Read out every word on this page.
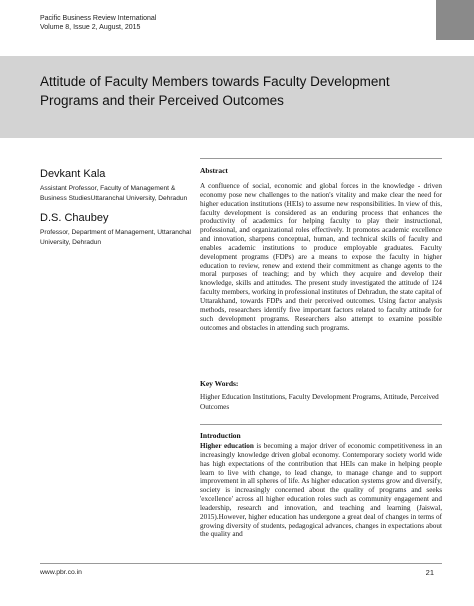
Pacific Business Review International
Volume 8, Issue 2, August, 2015
Attitude of Faculty Members towards Faculty Development Programs and their Perceived Outcomes
Devkant Kala
Assistant Professor, Faculty of Management & Business StudiesUttaranchal University, Dehradun
D.S. Chaubey
Professor, Department of Management, Uttaranchal University, Dehradun
Abstract
A confluence of social, economic and global forces in the knowledge - driven economy pose new challenges to the nation's vitality and make clear the need for higher education institutions (HEIs) to assume new responsibilities. In view of this, faculty development is considered as an enduring process that enhances the productivity of academics for helping faculty to play their instructional, professional, and organizational roles effectively. It promotes academic excellence and innovation, sharpens conceptual, human, and technical skills of faculty and enables academic institutions to produce employable graduates. Faculty development programs (FDPs) are a means to expose the faculty in higher education to review, renew and extend their commitment as change agents to the moral purposes of teaching; and by which they acquire and develop their knowledge, skills and attitudes. The present study investigated the attitude of 124 faculty members, working in professional institutes of Dehradun, the state capital of Uttarakhand, towards FDPs and their perceived outcomes. Using factor analysis methods, researchers identify five important factors related to faculty attitude for such development programs. Researchers also attempt to examine possible outcomes and obstacles in attending such programs.
Key Words:
Higher Education Institutions, Faculty Development Programs, Attitude, Perceived Outcomes
Introduction
Higher education is becoming a major driver of economic competitiveness in an increasingly knowledge driven global economy. Contemporary society world wide has high expectations of the contribution that HEIs can make in helping people learn to live with change, to lead change, to manage change and to support improvement in all spheres of life. As higher education systems grow and diversify, society is increasingly concerned about the quality of programs and seeks 'excellence' across all higher education roles such as community engagement and leadership, research and innovation, and teaching and learning (Jaiswal, 2015).However, higher education has undergone a great deal of changes in terms of growing diversity of students, pedagogical advances, changes in expectations about the quality and
www.pbr.co.in	21
